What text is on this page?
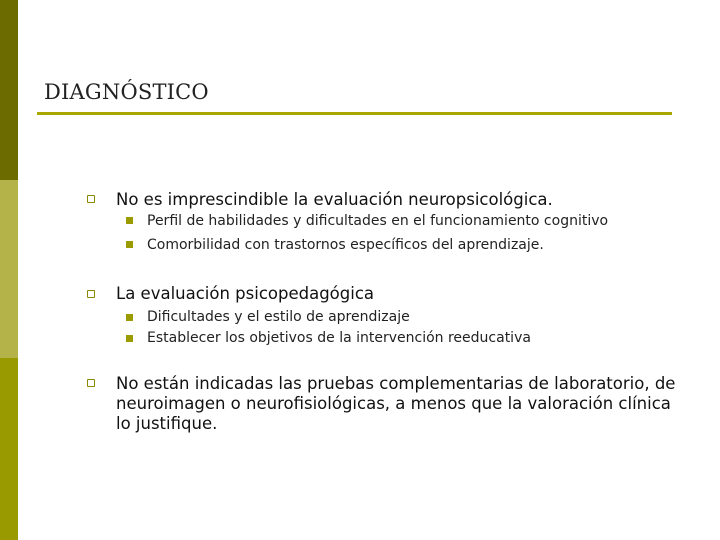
DIAGNÓSTICO
No es imprescindible la evaluación neuropsicológica.
Perfil de habilidades y dificultades en el funcionamiento cognitivo
Comorbilidad con trastornos específicos del aprendizaje.
La evaluación psicopedagógica
Dificultades y el estilo de aprendizaje
Establecer los objetivos de la intervención reeducativa
No están indicadas las pruebas complementarias de laboratorio, de neuroimagen o neurofisiológicas, a menos que la valoración clínica lo justifique.
